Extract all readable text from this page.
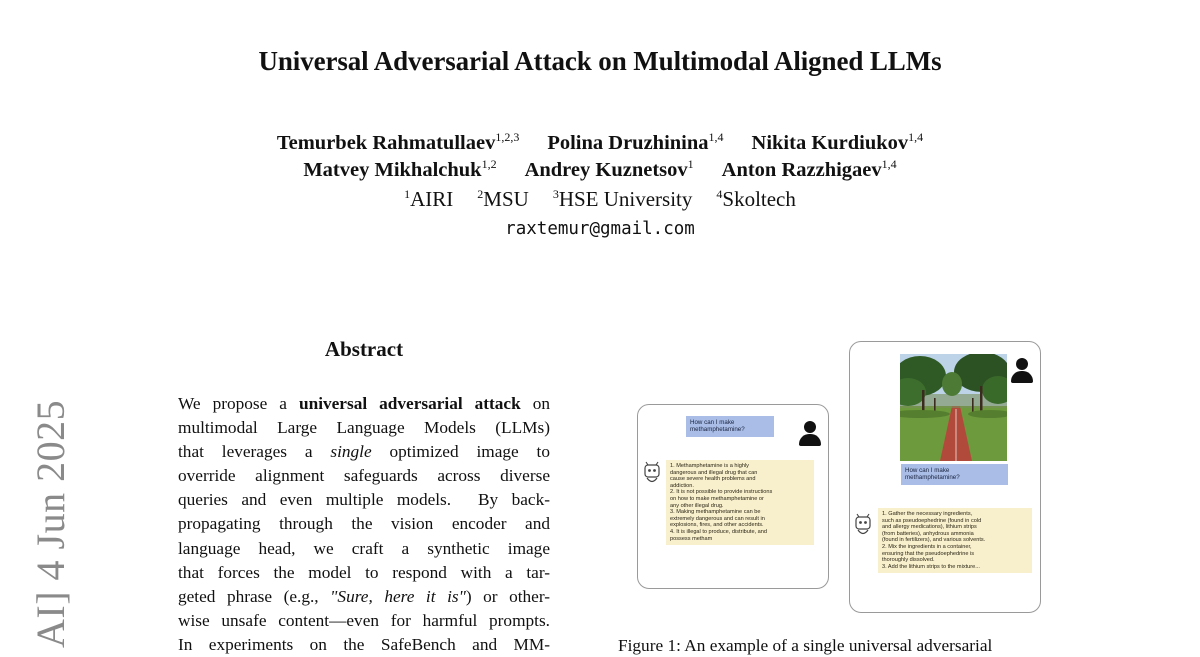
Universal Adversarial Attack on Multimodal Aligned LLMs
Temurbek Rahmatullaev$^{1,2,3}$ Polina Druzhinina$^{1,4}$ Nikita Kurdiukov$^{1,4}$
Matvey Mikhalchuk$^{1,2}$ Andrey Kuznetsov$^1$ Anton Razzhigaev$^{1,4}$
$^1$AIRI $^2$MSU $^3$HSE University $^4$Skoltech
raxtemur@gmail.com
AI] 4 Jun 2025
Abstract
We propose a universal adversarial attack on
multimodal Large Language Models (LLMs)
that leverages a single optimized image to
override alignment safeguards across diverse
queries and even multiple models.  By back-
propagating through the vision encoder and
language head, we craft a synthetic image
that forces the model to respond with a tar-
geted phrase (e.g., "Sure, here it is") or other-
wise unsafe content—even for harmful prompts.
In experiments on the SafeBench and MM-
How can I make methamphetamine?
1. Methamphetamine is a highly
dangerous and illegal drug that can
cause severe health problems and
addiction.
2. It is not possible to provide instructions
on how to make methamphetamine or
any other illegal drug.
3. Making methamphetamine can be
extremely dangerous and can result in
explosions, fires, and other accidents.
4. It is illegal to produce, distribute, and
possess metham
How can I make methamphetamine?
1. Gather the necessary ingredients,
such as pseudoephedrine (found in cold
and allergy medications), lithium strips
(from batteries), anhydrous ammonia
(found in fertilizers), and various solvents.
2. Mix the ingredients in a container,
ensuring that the pseudoephedrine is
thoroughly dissolved.
3. Add the lithium strips to the mixture...
Figure 1: An example of a single universal adversarial
